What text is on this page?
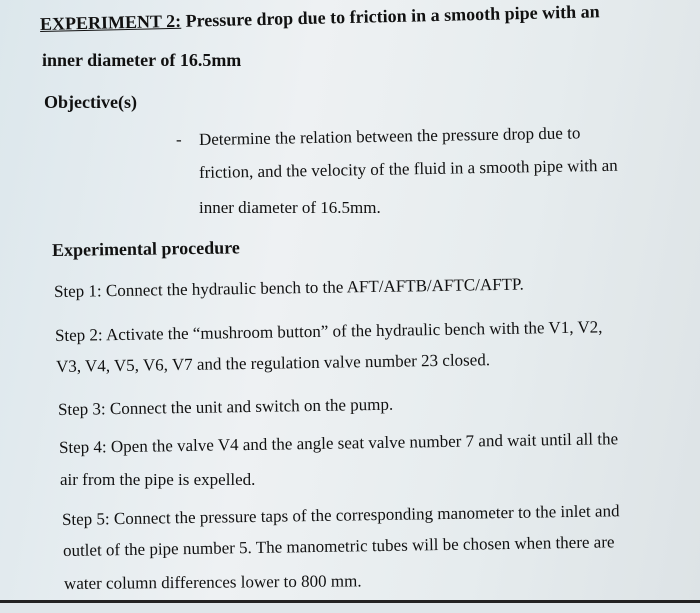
EXPERIMENT 2: Pressure drop due to friction in a smooth pipe with an
inner diameter of 16.5mm
Objective(s)
- Determine the relation between the pressure drop due to
friction, and the velocity of the fluid in a smooth pipe with an
inner diameter of 16.5mm.
Experimental procedure
Step 1: Connect the hydraulic bench to the AFT/AFTB/AFTC/AFTP.
Step 2: Activate the “mushroom button” of the hydraulic bench with the V1, V2,
V3, V4, V5, V6, V7 and the regulation valve number 23 closed.
Step 3: Connect the unit and switch on the pump.
Step 4: Open the valve V4 and the angle seat valve number 7 and wait until all the
air from the pipe is expelled.
Step 5: Connect the pressure taps of the corresponding manometer to the inlet and
outlet of the pipe number 5. The manometric tubes will be chosen when there are
water column differences lower to 800 mm.
